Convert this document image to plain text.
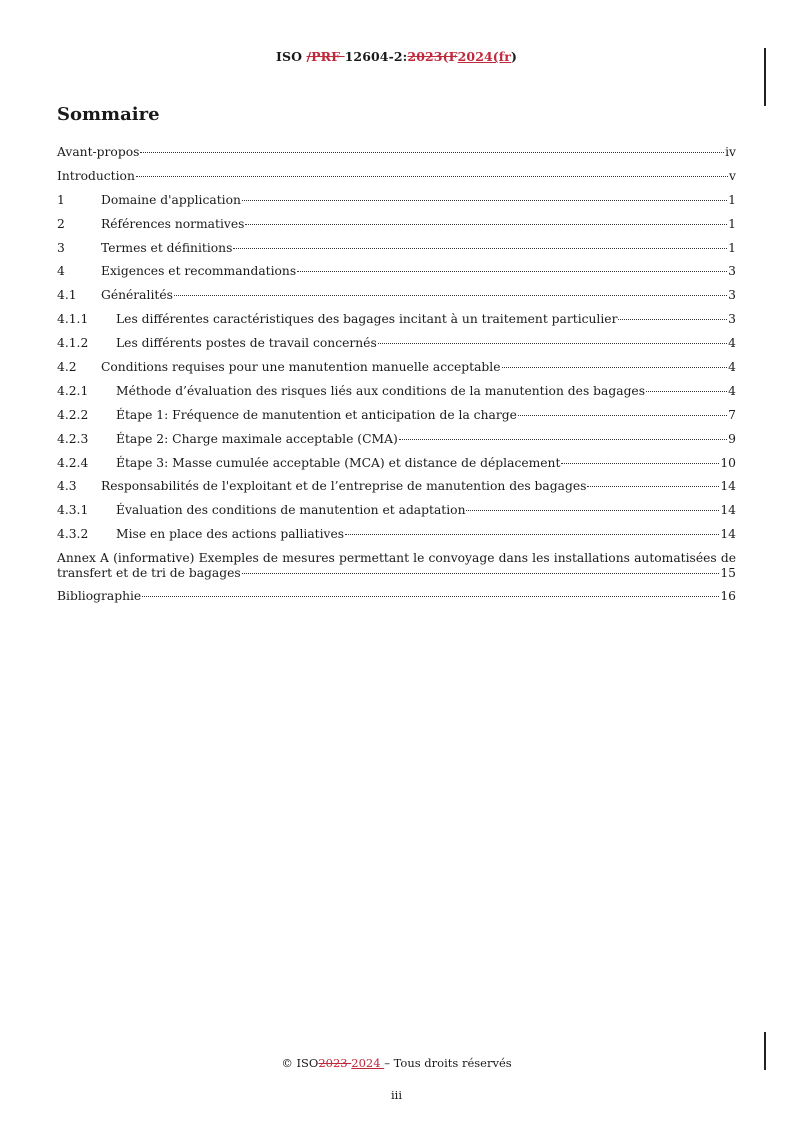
ISO /PRF 12604-2:2023(F2024(fr)
Sommaire
Avant-propos	iv
Introduction	v
1	Domaine d'application	1
2	Références normatives	1
3	Termes et définitions	1
4	Exigences et recommandations	3
4.1	Généralités	3
4.1.1	Les différentes caractéristiques des bagages incitant à un traitement particulier	3
4.1.2	Les différents postes de travail concernés	4
4.2	Conditions requises pour une manutention manuelle acceptable	4
4.2.1	Méthode d’évaluation des risques liés aux conditions de la manutention des bagages	4
4.2.2	Étape 1: Fréquence de manutention et anticipation de la charge	7
4.2.3	Étape 2: Charge maximale acceptable (CMA)	9
4.2.4	Étape 3: Masse cumulée acceptable (MCA) et distance de déplacement	10
4.3	Responsabilités de l'exploitant et de l’entreprise de manutention des bagages	14
4.3.1	Évaluation des conditions de manutention et adaptation	14
4.3.2	Mise en place des actions palliatives	14
Annex A (informative) Exemples de mesures permettant le convoyage dans les installations automatisées de
transfert et de tri de bagages	15
Bibliographie	16
© ISO2023 2024 – Tous droits réservés
iii
